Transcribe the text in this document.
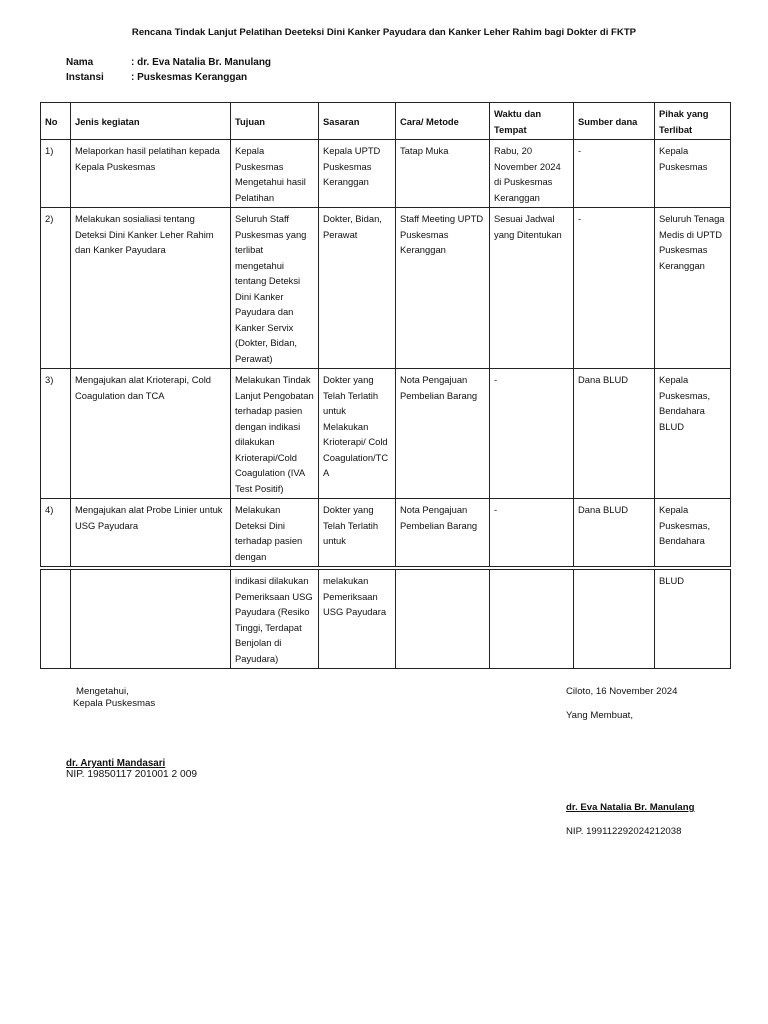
Rencana Tindak Lanjut Pelatihan Deeteksi Dini Kanker Payudara dan Kanker Leher Rahim bagi Dokter di FKTP
Nama	: dr. Eva Natalia Br. Manulang
Instansi	: Puskesmas Keranggan
No	Jenis kegiatan	Tujuan	Sasaran	Cara/ Metode	Waktu dan Tempat	Sumber dana	Pihak yang Terlibat
1)	Melaporkan hasil pelatihan kepada Kepala Puskesmas	Kepala Puskesmas Mengetahui hasil Pelatihan	Kepala UPTD Puskesmas Keranggan	Tatap Muka	Rabu, 20 November 2024 di Puskesmas Keranggan	-	Kepala Puskesmas
2)	Melakukan sosialiasi tentang Deteksi Dini Kanker Leher Rahim dan Kanker Payudara	Seluruh Staff Puskesmas yang terlibat mengetahui tentang Deteksi Dini Kanker Payudara dan Kanker Servix (Dokter, Bidan, Perawat)	Dokter, Bidan, Perawat	Staff Meeting UPTD Puskesmas Keranggan	Sesuai Jadwal yang Ditentukan	-	Seluruh Tenaga Medis di UPTD Puskesmas Keranggan
3)	Mengajukan alat Krioterapi, Cold Coagulation dan TCA	Melakukan Tindak Lanjut Pengobatan terhadap pasien dengan indikasi dilakukan Krioterapi/Cold Coagulation (IVA Test Positif)	Dokter yang Telah Terlatih untuk Melakukan Krioterapi/ Cold Coagulation/TCA	Nota Pengajuan Pembelian Barang	-	Dana BLUD	Kepala Puskesmas, Bendahara BLUD
4)	Mengajukan alat Probe Linier untuk USG Payudara	Melakukan Deteksi Dini terhadap pasien dengan	Dokter yang Telah Terlatih untuk	Nota Pengajuan Pembelian Barang	-	Dana BLUD	Kepala Puskesmas, Bendahara
		indikasi dilakukan Pemeriksaan USG Payudara (Resiko Tinggi, Terdapat Benjolan di Payudara)	melakukan Pemeriksaan USG Payudara				BLUD
Mengetahui,
Kepala Puskesmas
dr. Aryanti Mandasari
NIP. 19850117 201001 2 009
Ciloto, 16 November 2024
Yang Membuat,
dr. Eva Natalia Br. Manulang
NIP. 199112292024212038
